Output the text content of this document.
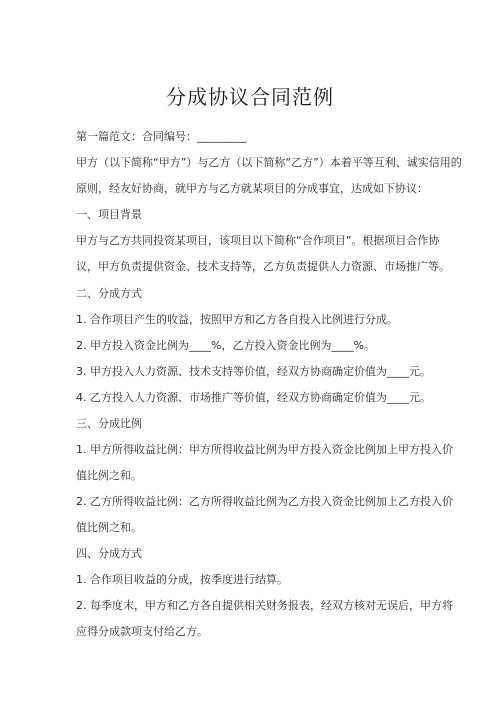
分成协议合同范例
第一篇范文：合同编号：_________
甲方（以下简称“甲方”）与乙方（以下简称“乙方”）本着平等互利、诚实信用的
原则，经友好协商，就甲方与乙方就某项目的分成事宜，达成如下协议：
一、项目背景
甲方与乙方共同投资某项目，该项目以下简称“合作项目”。根据项目合作协
议，甲方负责提供资金、技术支持等，乙方负责提供人力资源、市场推广等。
二、分成方式
1. 合作项目产生的收益，按照甲方和乙方各自投入比例进行分成。
2. 甲方投入资金比例为____%，乙方投入资金比例为____%。
3. 甲方投入人力资源、技术支持等价值，经双方协商确定价值为____元。
4. 乙方投入人力资源、市场推广等价值，经双方协商确定价值为____元。
三、分成比例
1. 甲方所得收益比例：甲方所得收益比例为甲方投入资金比例加上甲方投入价
值比例之和。
2. 乙方所得收益比例：乙方所得收益比例为乙方投入资金比例加上乙方投入价
值比例之和。
四、分成方式
1. 合作项目收益的分成，按季度进行结算。
2. 每季度末，甲方和乙方各自提供相关财务报表，经双方核对无误后，甲方将
应得分成款项支付给乙方。
